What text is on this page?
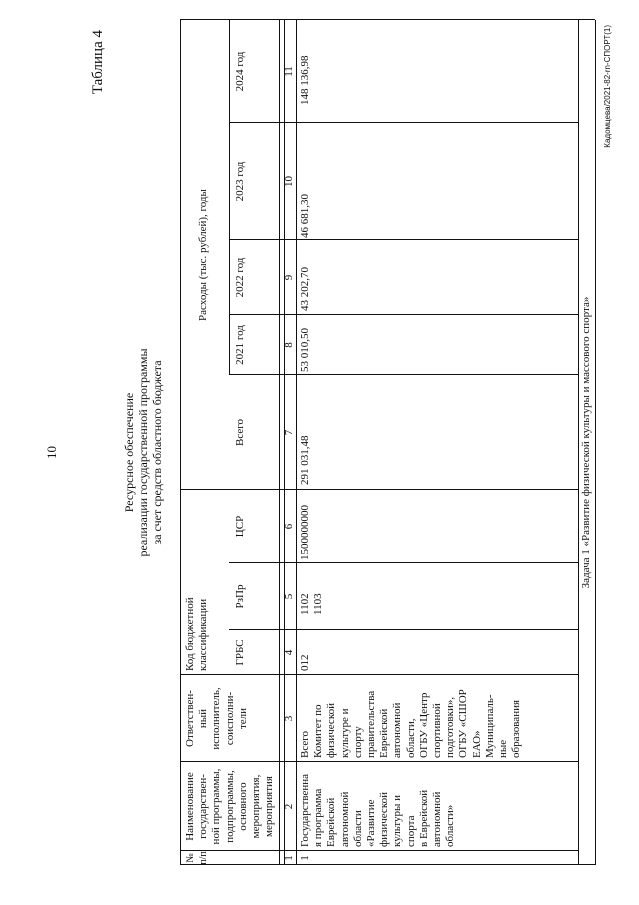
10
Таблица 4
Ресурсное обеспечение реализации государственной программы за счет средств областного бюджета
№
п/п
Наименование
государствен-
ной программы,
подпрограммы,
основного
мероприятия,
мероприятия
Ответствен-
ный
исполнитель,
соисполни-
тели
Код бюджетной
классификации ГРБС
РзПр
ЦСР
Расходы (тыс. рублей), годы
Всего
2021 год
2022 год
2023 год
2024 год
1
2
3
4
5
6
7
8
9
10
11
1
Государственна
я программа
Еврейской
автономной
области
«Развитие
физической
культуры и
спорта
в Еврейской
автономной
области»
Всего
Комитет по
физической
культуре и
спорту
правительства
Еврейской
автономной
области,
ОГБУ «Центр
спортивной
подготовки»,
ОГБУ «СШОР
ЕАО»
Муниципаль-
ные
образования
012
1102
1103
1500000000
291 031,48
53 010,50
43 202,70
46 681,30
148 136,98
Задача 1 «Развитие физической культуры и массового спорта»
Кадомцева/2021-82-rn-СПОРТ(1)
